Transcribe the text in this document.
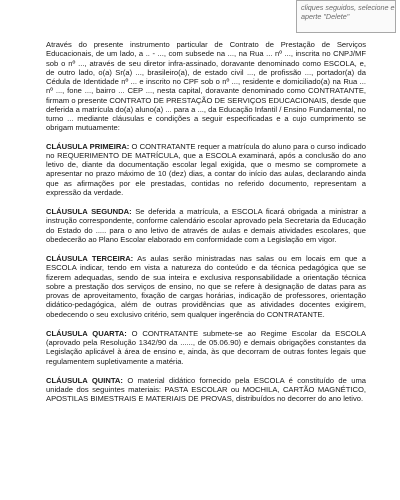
cliques seguidos, selecione e
aperte "Delete"

Através do presente instrumento particular de Contrato de Prestação de Serviços Educacionais, de um lado, a .. - ..., com subsede na ..., na Rua ... nº ..., inscrita no CNPJ/MF sob o nº ..., através de seu diretor infra-assinado, doravante denominado como ESCOLA, e, de outro lado, o(a) Sr(a) ..., brasileiro(a), de estado civil ..., de profissão ..., portador(a) da Cédula de Identidade nº ... e inscrito no CPF sob o nº ..., residente e domiciliado(a) na Rua ... nº ..., fone ..., bairro ... CEP ..., nesta capital, doravante denominado como CONTRATANTE, firmam o presente CONTRATO DE PRESTAÇÃO DE SERVIÇOS EDUCACIONAIS, desde que deferida a matrícula do(a) aluno(a) ... para a ..., da Educação Infantil / Ensino Fundamental, no turno ... mediante cláusulas e condições a seguir especificadas e a cujo cumprimento se obrigam mutuamente:

CLÁUSULA PRIMEIRA: O CONTRATANTE requer a matrícula do aluno para o curso indicado no REQUERIMENTO DE MATRÍCULA, que a ESCOLA examinará, após a conclusão do ano letivo de, diante da documentação escolar legal exigida, que o mesmo se compromete a apresentar no prazo máximo de 10 (dez) dias, a contar do início das aulas, declarando ainda que as afirmações por ele prestadas, contidas no referido documento, representam a expressão da verdade.

CLÁUSULA SEGUNDA: Se deferida a matrícula, a ESCOLA ficará obrigada a ministrar a instrução correspondente, conforme calendário escolar aprovado pela Secretaria da Educação do Estado do ..... para o ano letivo de através de aulas e demais atividades escolares, que obedecerão ao Plano Escolar elaborado em conformidade com a Legislação em vigor.

CLÁUSULA TERCEIRA: As aulas serão ministradas nas salas ou em locais em que a ESCOLA indicar, tendo em vista a natureza do conteúdo e da técnica pedagógica que se fizerem adequadas, sendo de sua inteira e exclusiva responsabilidade a orientação técnica sobre a prestação dos serviços de ensino, no que se refere à designação de datas para as provas de aproveitamento, fixação de cargas horárias, indicação de professores, orientação didático-pedagógica, além de outras providências que as atividades docentes exigirem, obedecendo o seu exclusivo critério, sem qualquer ingerência do CONTRATANTE.

CLÁUSULA QUARTA: O CONTRATANTE submete-se ao Regime Escolar da ESCOLA (aprovado pela Resolução 1342/90 da ......, de 05.06.90) e demais obrigações constantes da Legislação aplicável à área de ensino e, ainda, às que decorram de outras fontes legais que regulamentem supletivamente a matéria.

CLÁUSULA QUINTA: O material didático fornecido pela ESCOLA é constituído de uma unidade dos seguintes materiais: PASTA ESCOLAR ou MOCHILA, CARTÃO MAGNÉTICO, APOSTILAS BIMESTRAIS E MATERIAIS DE PROVAS, distribuídos no decorrer do ano letivo.
